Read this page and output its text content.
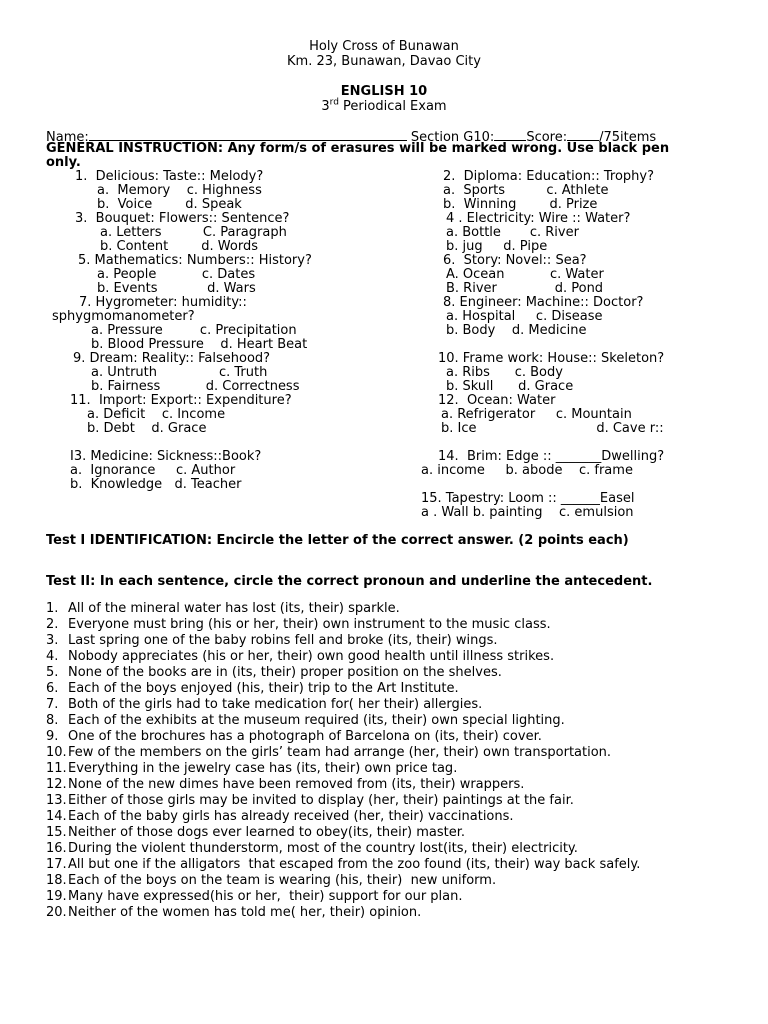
Holy Cross of Bunawan
Km. 23, Bunawan, Davao City
ENGLISH 10
3rd Periodical Exam
Name:	Section G10: Score: /75items
GENERAL INSTRUCTION: Any form/s of erasures will be marked wrong. Use black pen
only.
1.  Delicious: Taste:: Melody?
a.  Memory    c. Highness
b.  Voice        d. Speak
3.  Bouquet: Flowers:: Sentence?
a. Letters          C. Paragraph
b. Content        d. Words
5. Mathematics: Numbers:: History?
a. People           c. Dates
b. Events            d. Wars
7. Hygrometer: humidity::
sphygmomanometer?
a. Pressure         c. Precipitation
b. Blood Pressure    d. Heart Beat
9. Dream: Reality:: Falsehood?
a. Untruth               c. Truth
b. Fairness           d. Correctness
11.  Import: Export:: Expenditure?
a. Deficit    c. Income
b. Debt    d. Grace
I3. Medicine: Sickness::Book?
a.  Ignorance     c. Author
b.  Knowledge   d. Teacher
2.  Diploma: Education:: Trophy?
a.  Sports          c. Athlete
b.  Winning        d. Prize
4 . Electricity: Wire :: Water?
a. Bottle       c. River
b. jug     d. Pipe
6.  Story: Novel:: Sea?
A. Ocean           c. Water
B. River              d. Pond
8. Engineer: Machine:: Doctor?
a. Hospital     c. Disease
b. Body    d. Medicine
10. Frame work: House:: Skeleton?
a. Ribs      c. Body
b. Skull      d. Grace
12.  Ocean: Water
a. Refrigerator     c. Mountain
b. Ice                             d. Cave r::
14.  Brim: Edge :: _______Dwelling?
a. income     b. abode    c. frame
15. Tapestry: Loom :: ______Easel
a . Wall b. painting    c. emulsion
Test I IDENTIFICATION: Encircle the letter of the correct answer. (2 points each)
Test II: In each sentence, circle the correct pronoun and underline the antecedent.
1. All of the mineral water has lost (its, their) sparkle.
2. Everyone must bring (his or her, their) own instrument to the music class.
3. Last spring one of the baby robins fell and broke (its, their) wings.
4. Nobody appreciates (his or her, their) own good health until illness strikes.
5. None of the books are in (its, their) proper position on the shelves.
6. Each of the boys enjoyed (his, their) trip to the Art Institute.
7. Both of the girls had to take medication for( her their) allergies.
8. Each of the exhibits at the museum required (its, their) own special lighting.
9. One of the brochures has a photograph of Barcelona on (its, their) cover.
10. Few of the members on the girls’ team had arrange (her, their) own transportation.
11. Everything in the jewelry case has (its, their) own price tag.
12. None of the new dimes have been removed from (its, their) wrappers.
13. Either of those girls may be invited to display (her, their) paintings at the fair.
14. Each of the baby girls has already received (her, their) vaccinations.
15. Neither of those dogs ever learned to obey(its, their) master.
16. During the violent thunderstorm, most of the country lost(its, their) electricity.
17. All but one if the alligators  that escaped from the zoo found (its, their) way back safely.
18. Each of the boys on the team is wearing (his, their)  new uniform.
19. Many have expressed(his or her,  their) support for our plan.
20. Neither of the women has told me( her, their) opinion.
